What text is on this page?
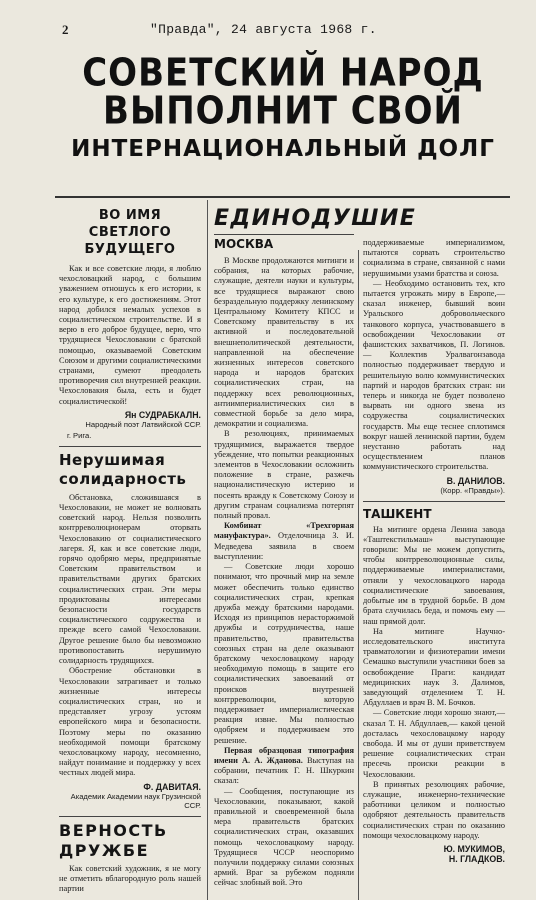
2	"Правда", 24 августа 1968 г.
СОВЕТСКИЙ НАРОД
ВЫПОЛНИТ СВОЙ
ИНТЕРНАЦИОНАЛЬНЫЙ ДОЛГ
ВО ИМЯ СВЕТЛОГО БУДУЩЕГО

Как и все советские люди, я люблю чехословацкий народ, с большим уважением отношусь к его истории, к его культуре, к его достижениям. Этот народ добился немалых успехов в социалистическом строительстве. И я верю в его доброе будущее, верю, что трудящиеся Чехословакии с братской помощью, оказываемой Советским Союзом и другими социалистическими странами, сумеют преодолеть противоречия сил внутренней реакции. Чехословакия была, есть и будет социалистической!

Ян СУДРАБКАЛН.
Народный поэт Латвийской ССР.
г. Рига.
Нерушимая солидарность

Обстановка, сложившаяся в Чехословакии, не может не волновать советский народ. Нельзя позволить контрреволюционерам оторвать Чехословакию от социалистического лагеря. Я, как и все советские люди, горячо одобряю меры, предпринятые Советским правительством и правительствами других братских социалистических стран. Эти меры продиктованы интересами безопасности государств социалистического содружества и прежде всего самой Чехословакии. Другое решение было бы невозможно противопоставить нерушимую солидарность трудящихся.

Обострение обстановки в Чехословакии затрагивает и только жизненные интересы социалистических стран, но и представляет угрозу устоям европейского мира и безопасности. Поэтому меры по оказанию необходимой помощи братскому чехословацкому народу, несомненно, найдут понимание и поддержку у всех честных людей мира.

Ф. ДАВИТАЯ.
Академик Академии наук Грузинской ССР.
ВЕРНОСТЬ ДРУЖБЕ

Как советский художник, я не могу не отметить вблагородную роль нашей партии

ЕДИНОДУШИЕ
МОСКВА

В Москве продолжаются митинги и собрания, на которых рабочие, служащие, деятели науки и культуры, все трудящиеся выражают свою безраздельную поддержку ленинскому Центральному Комитету КПСС и Советскому правительству в их активной и последовательной внешнеполитической деятельности, направленной на обеспечение жизненных интересов советского народа и народов братских социалистических стран, на поддержку всех революционных, антиимпериалистических сил в совместной борьбе за дело мира, демократии и социализма.

В резолюциях, принимаемых трудящимися, выражается твердое убеждение, что попытки реакционных элементов в Чехословакии осложнить положение в стране, разжечь националистическую истерию и посеять вражду к Советскому Союзу и другим странам социализма потерпят полный провал.

Комбинат «Трехгорная мануфактура». Отделочница З. И. Медведева заявила в своем выступлении:

— Советские люди хорошо понимают, что прочный мир на земле может обеспечить только единство социалистических стран, крепкая дружба между братскими народами. Исходя из принципов нерасторжимой дружбы и сотрудничества, наше правительство, правительства союзных стран на деле оказывают братскому чехословацкому народу необходимую помощь в защите его социалистических завоеваний от происков внутренней контрреволюции, которую поддерживает империалистическая реакция извне. Мы полностью одобряем и поддерживаем это решение.

Первая образцовая типография имени А. А. Жданова. Выступая на собрании, печатник Г. Н. Шкуркин сказал:

— Сообщения, поступающие из Чехословакии, показывают, какой правильной и своевременной была мера правительств братских социалистических стран, оказавших помощь чехословацкому народу. Трудящиеся ЧССР неоспоримо получили поддержку силами союзных армий. Враг за рубежом подняли сейчас злобный вой. Это

поддерживаемые империализмом, пытаются сорвать строительство социализма в стране, связанной с нами нерушимыми узами братства и союза.

— Необходимо остановить тех, кто пытается угрожать миру в Европе,— сказал инженер, бывший воин Уральского добровольческого танкового корпуса, участвовавшего в освобождении Чехословакии от фашистских захватчиков, П. Логинов.— Коллектив Уралвагонзавода полностью поддерживает твердую и решительную волю коммунистических партий и народов братских стран: ни теперь и никогда не будет позволено вырвать ни одного звена из содружества социалистических государств. Мы еще теснее сплотимся вокруг нашей ленинской партии, будем неустанно работать над осуществлением планов коммунистического строительства.

В. ДАНИЛОВ.
(Корр. «Правды»).
ТАШКЕНТ

На митинге ордена Ленина завода «Таштекстильмаш» выступающие говорили: Мы не можем допустить, чтобы контрреволюционные силы, поддерживаемые империалистами, отняли у чехословацкого народа социалистические завоевания, добытые им в трудной борьбе. В дом брата случилась беда, и помочь ему — наш прямой долг.

На митинге Научно-исследовательского института травматологии и физиотерапии имени Семашко выступили участники боев за освобождение Праги: кандидат медицинских наук З. Далимов, заведующий отделением Т. Н. Абдуллаев и врач В. М. Бочков.

— Советские люди хорошо знают,— сказал Т. Н. Абдуллаев,— какой ценой досталась чехословацкому народу свобода. И мы от души приветствуем решение социалистических стран пресечь происки реакции в Чехословакии.

В принятых резолюциях рабочие, служащие, инженерно-технические работники целиком и полностью одобряют деятельность правительств социалистических стран по оказанию помощи чехословацкому народу.

Ю. МУКИМОВ,
Н. ГЛАДКОВ.
